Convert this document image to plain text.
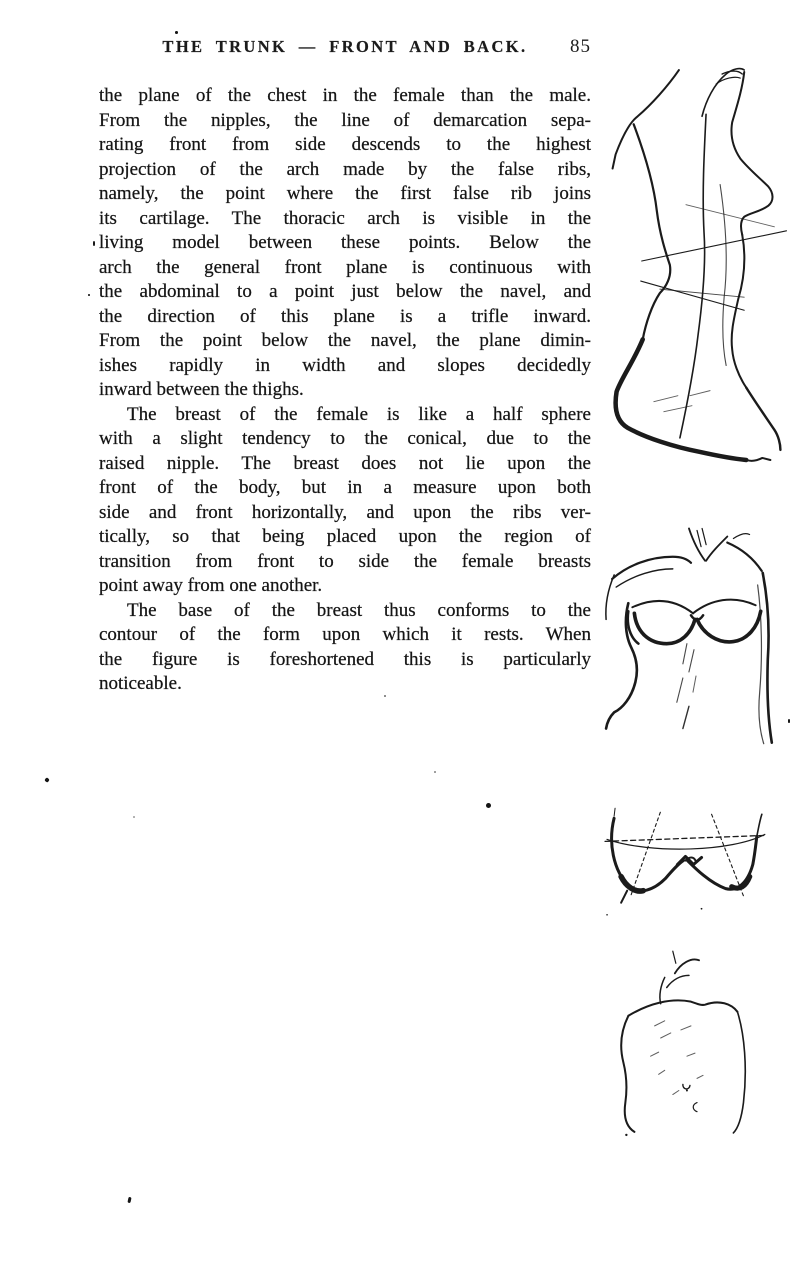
THE TRUNK — FRONT AND BACK.	85
the plane of the chest in the female than the male.
From the nipples, the line of demarcation sepa-
rating front from side descends to the highest
projection of the arch made by the false ribs,
namely, the point where the first false rib joins
its cartilage. The thoracic arch is visible in the
living model between these points. Below the
arch the general front plane is continuous with
the abdominal to a point just below the navel, and
the direction of this plane is a trifle inward.
From the point below the navel, the plane dimin-
ishes rapidly in width and slopes decidedly
inward between the thighs.
The breast of the female is like a half sphere
with a slight tendency to the conical, due to the
raised nipple. The breast does not lie upon the
front of the body, but in a measure upon both
side and front horizontally, and upon the ribs ver-
tically, so that being placed upon the region of
transition from front to side the female breasts
point away from one another.
The base of the breast thus conforms to the
contour of the form upon which it rests. When
the figure is foreshortened this is particularly
noticeable.
